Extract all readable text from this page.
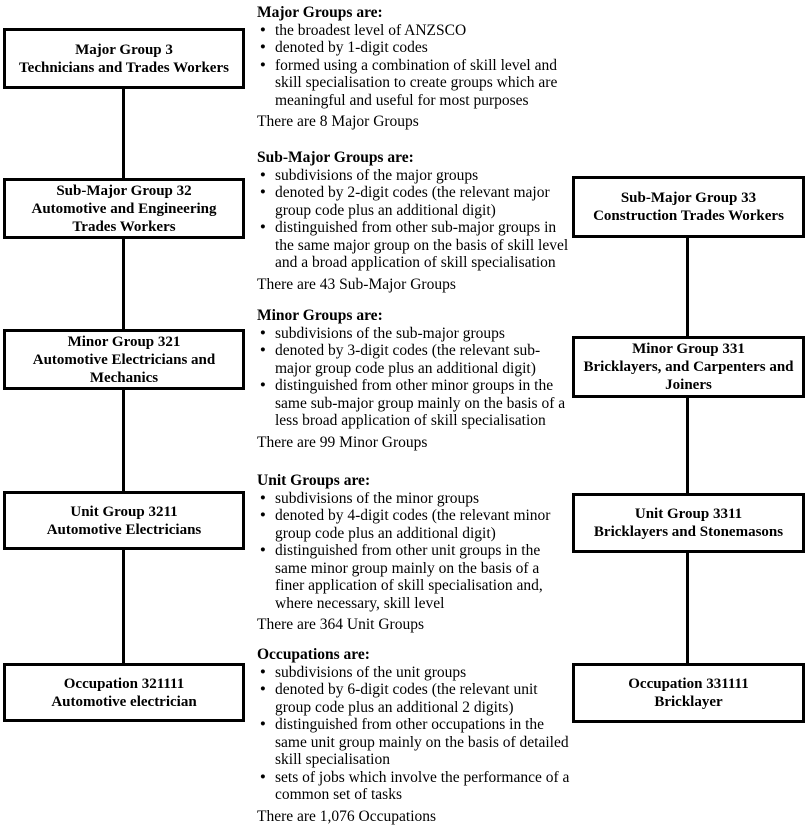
Major Group 3
Technicians and Trades Workers
Sub-Major Group 32
Automotive and Engineering Trades Workers
Minor Group 321
Automotive Electricians and Mechanics
Unit Group 3211
Automotive Electricians
Occupation 321111
Automotive electrician
Sub-Major Group 33
Construction Trades Workers
Minor Group 331
Bricklayers, and Carpenters and Joiners
Unit Group 3311
Bricklayers and Stonemasons
Occupation 331111
Bricklayer
Major Groups are:
● the broadest level of ANZSCO
● denoted by 1-digit codes
● formed using a combination of skill level and skill specialisation to create groups which are meaningful and useful for most purposes
There are 8 Major Groups
Sub-Major Groups are:
● subdivisions of the major groups
● denoted by 2-digit codes (the relevant major group code plus an additional digit)
● distinguished from other sub-major groups in the same major group on the basis of skill level and a broad application of skill specialisation
There are 43 Sub-Major Groups
Minor Groups are:
● subdivisions of the sub-major groups
● denoted by 3-digit codes (the relevant sub-major group code plus an additional digit)
● distinguished from other minor groups in the same sub-major group mainly on the basis of a less broad application of skill specialisation
There are 99 Minor Groups
Unit Groups are:
● subdivisions of the minor groups
● denoted by 4-digit codes (the relevant minor group code plus an additional digit)
● distinguished from other unit groups in the same minor group mainly on the basis of a finer application of skill specialisation and, where necessary, skill level
There are 364 Unit Groups
Occupations are:
● subdivisions of the unit groups
● denoted by 6-digit codes (the relevant unit group code plus an additional 2 digits)
● distinguished from other occupations in the same unit group mainly on the basis of detailed skill specialisation
● sets of jobs which involve the performance of a common set of tasks
There are 1,076 Occupations
